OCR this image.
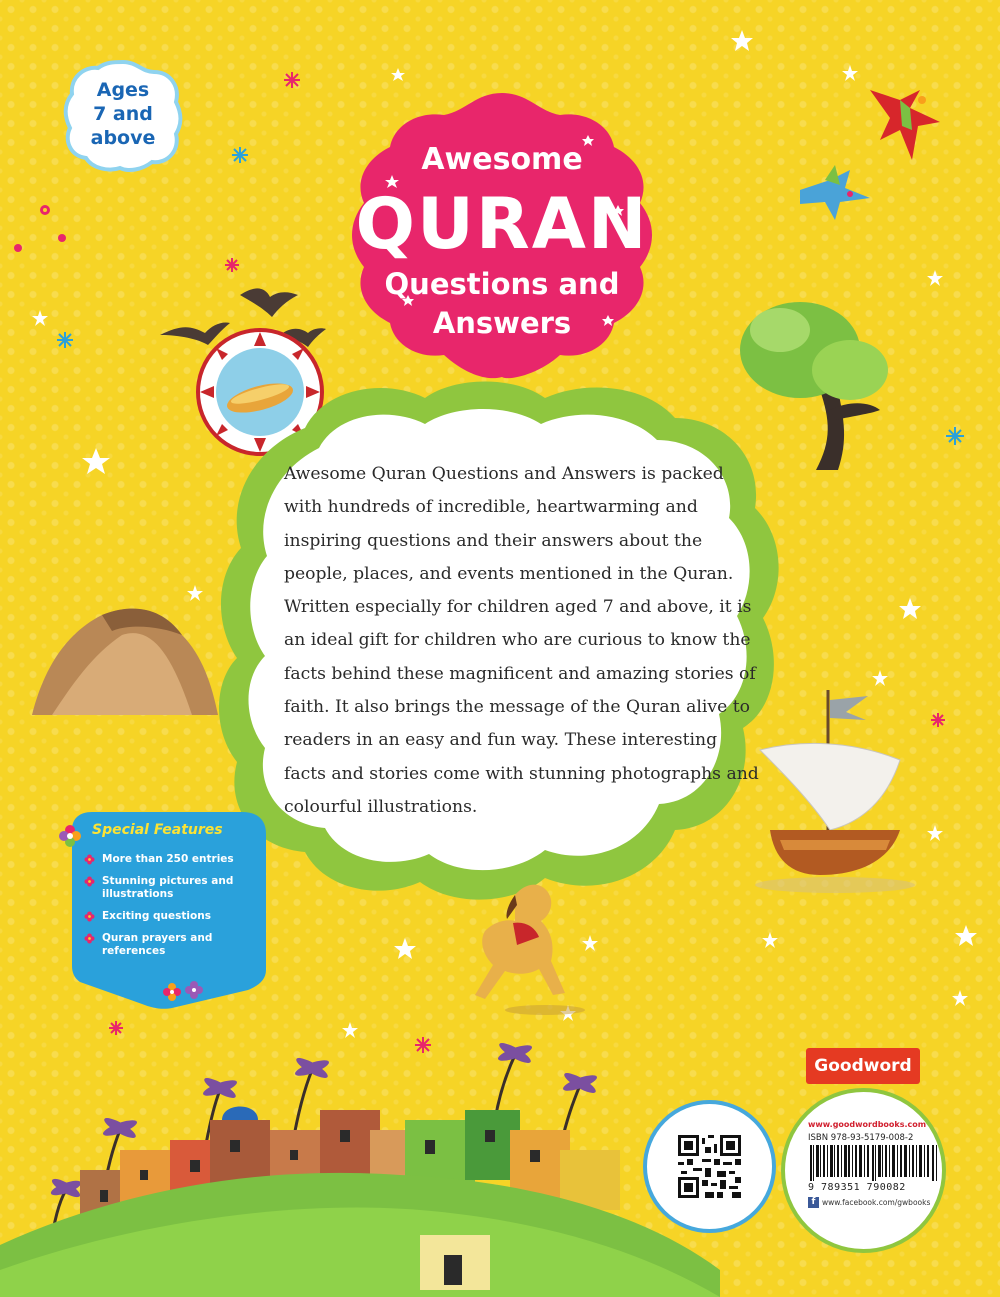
Ages
7 and
above
Awesome
QURAN
Questions and
Answers
Awesome Quran Questions and Answers is packed with hundreds of incredible, heartwarming and inspiring questions and their answers about the people, places, and events mentioned in the Quran. Written especially for children aged 7 and above, it is an ideal gift for children who are curious to know the facts behind these magnificent and amazing stories of faith. It also brings the message of the Quran alive to readers in an easy and fun way. These interesting facts and stories come with stunning photographs and colourful illustrations.
Special Features
More than 250 entries
Stunning pictures and illustrations
Exciting questions
Quran prayers and references
Goodword
www.goodwordbooks.com
ISBN 978-93-5179-008-2
9 789351 790082
f www.facebook.com/gwbooks
